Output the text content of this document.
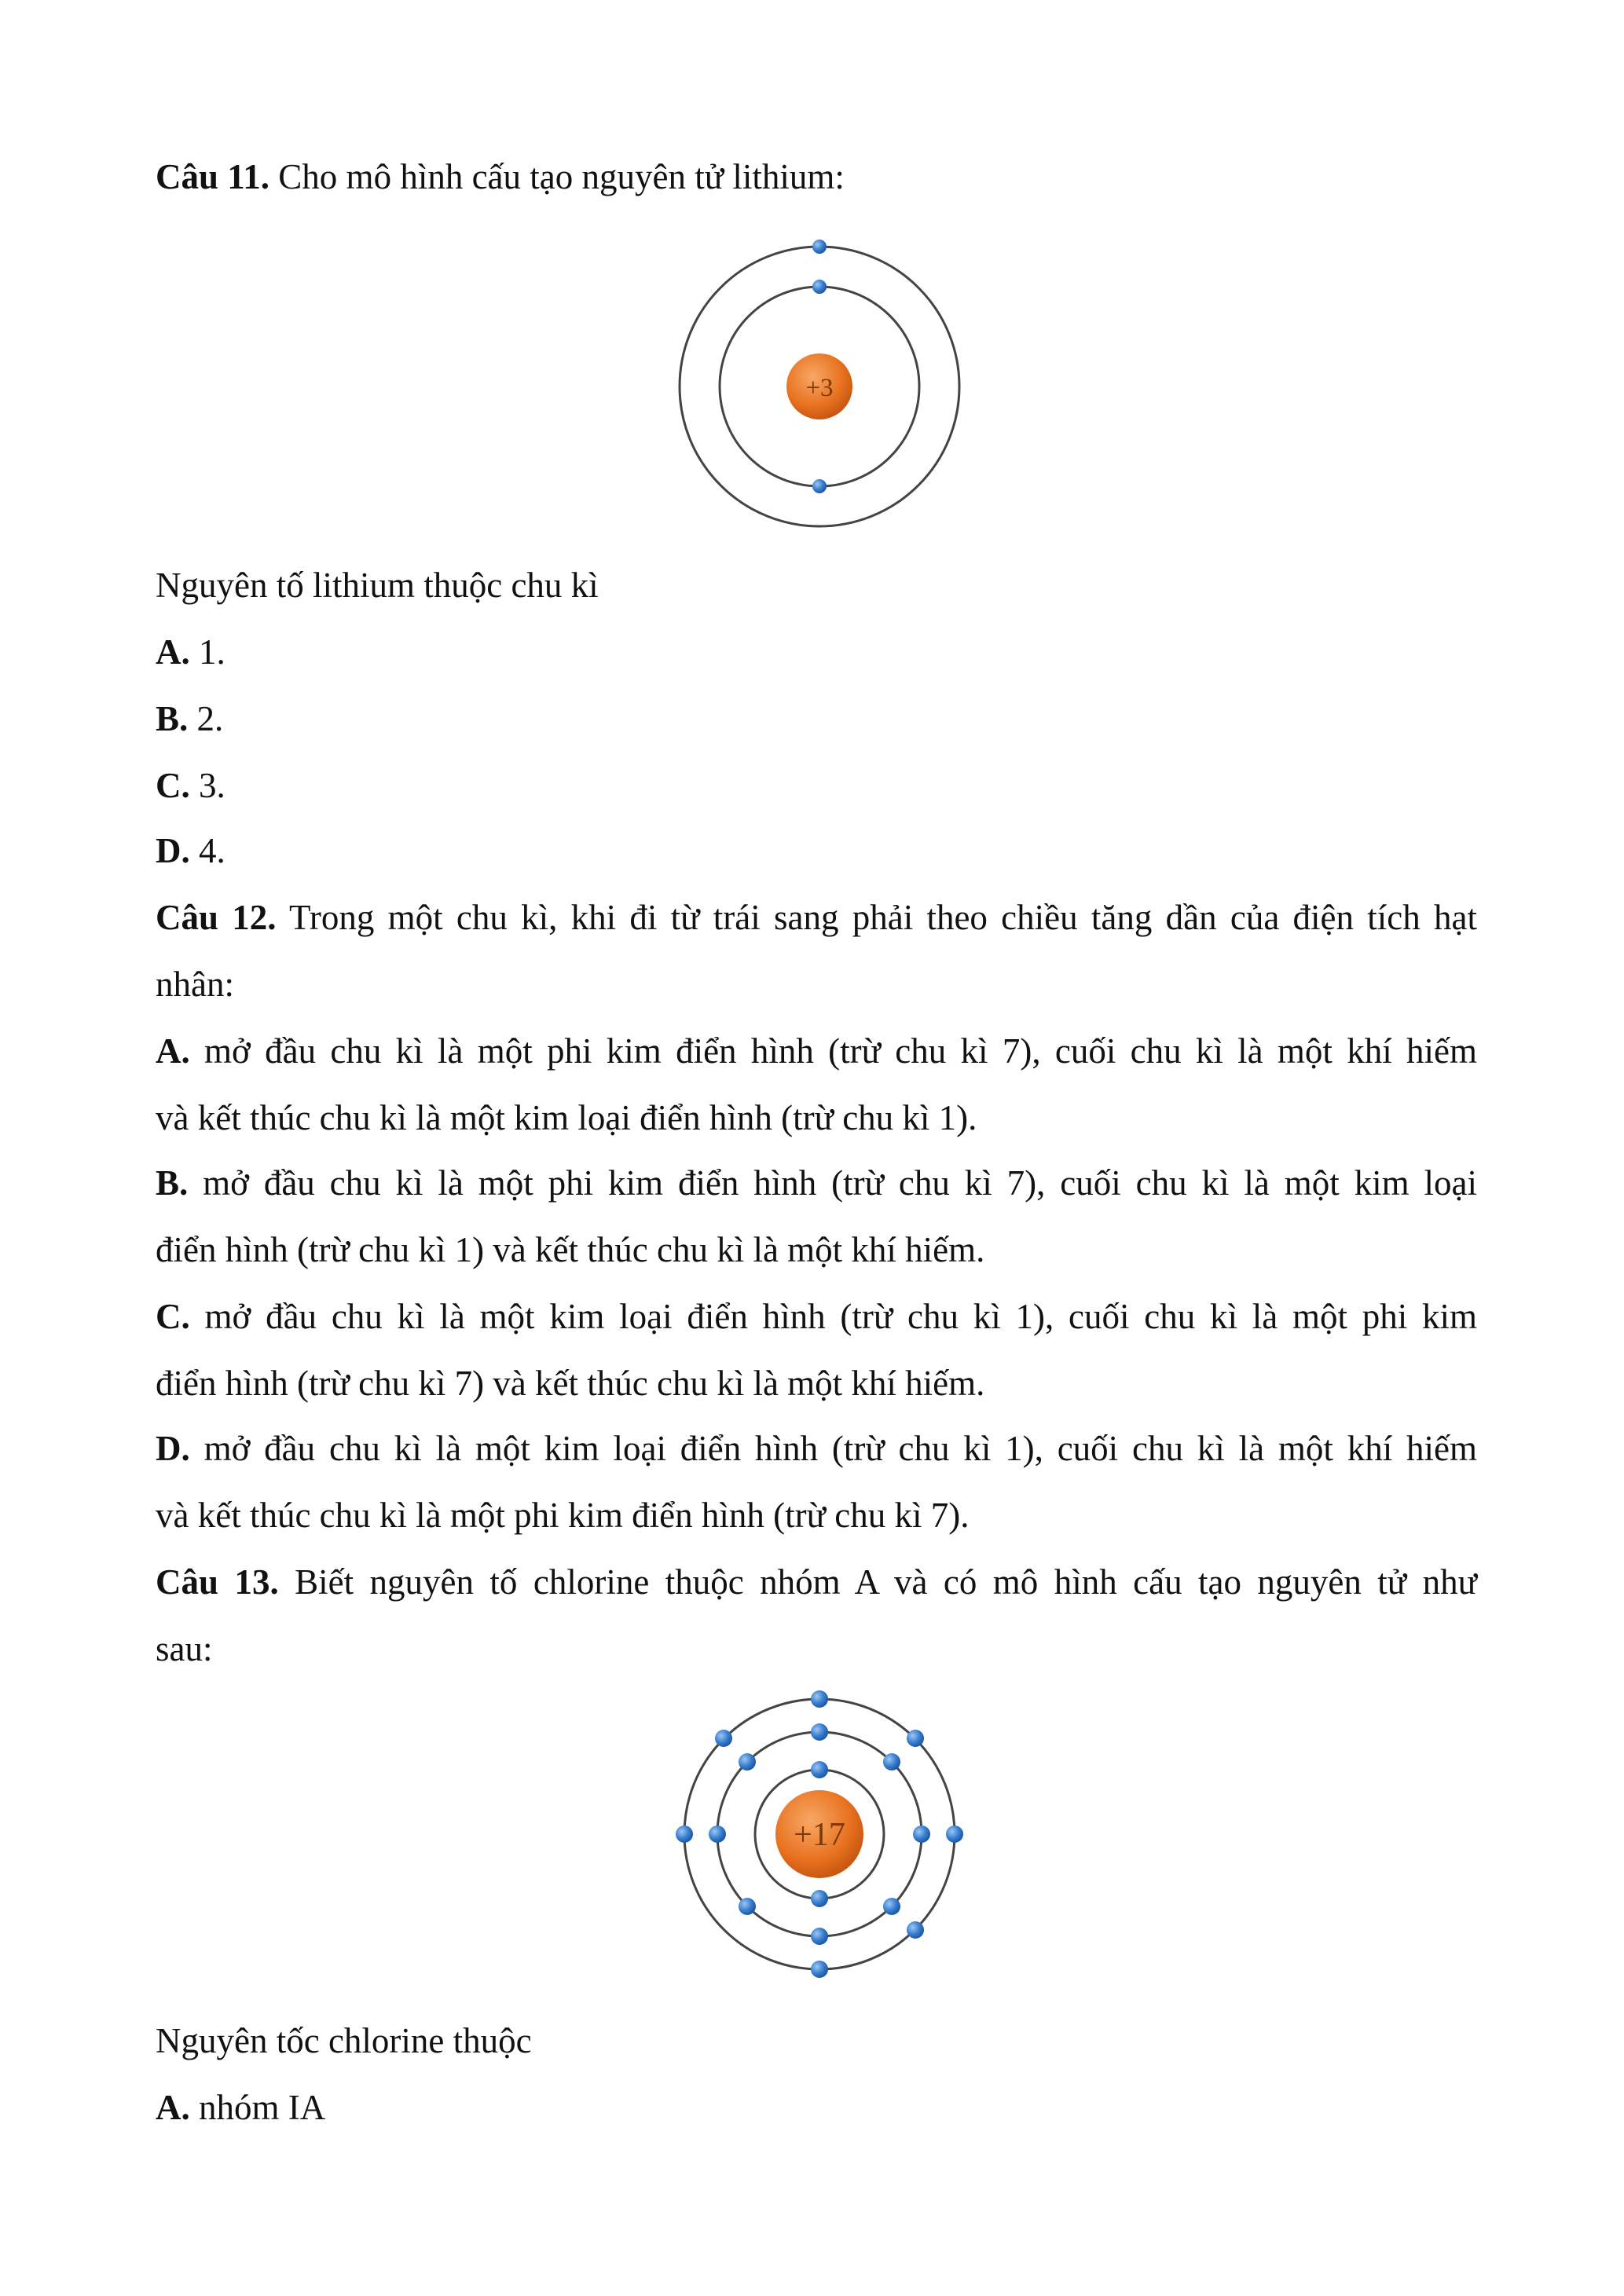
Câu 11. Cho mô hình cấu tạo nguyên tử lithium:
+3
Nguyên tố lithium thuộc chu kì
A. 1.
B. 2.
C. 3.
D. 4.
Câu 12. Trong một chu kì, khi đi từ trái sang phải theo chiều tăng dần của điện tích hạt
nhân:
A. mở đầu chu kì là một phi kim điển hình (trừ chu kì 7), cuối chu kì là một khí hiếm
và kết thúc chu kì là một kim loại điển hình (trừ chu kì 1).
B. mở đầu chu kì là một phi kim điển hình (trừ chu kì 7), cuối chu kì là một kim loại
điển hình (trừ chu kì 1) và kết thúc chu kì là một khí hiếm.
C. mở đầu chu kì là một kim loại điển hình (trừ chu kì 1), cuối chu kì là một phi kim
điển hình (trừ chu kì 7) và kết thúc chu kì là một khí hiếm.
D. mở đầu chu kì là một kim loại điển hình (trừ chu kì 1), cuối chu kì là một khí hiếm
và kết thúc chu kì là một phi kim điển hình (trừ chu kì 7).
Câu 13. Biết nguyên tố chlorine thuộc nhóm A và có mô hình cấu tạo nguyên tử như
sau:
+17
Nguyên tốc chlorine thuộc
A. nhóm IA
